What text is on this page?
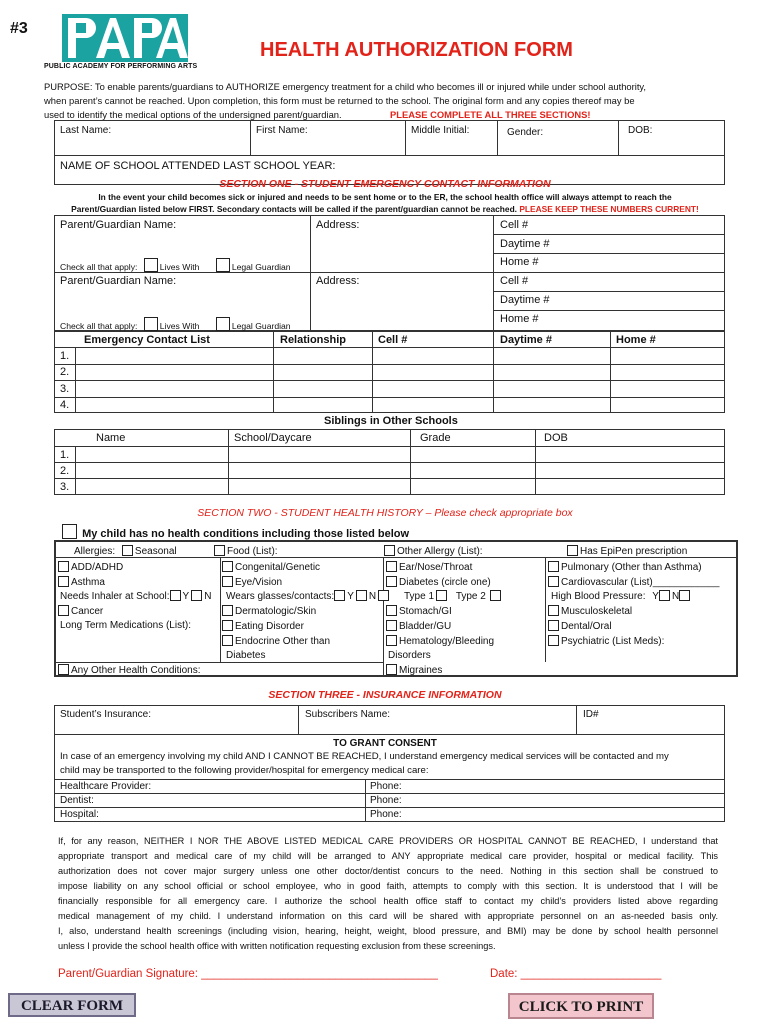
#3
PUBLIC ACADEMY FOR PERFORMING ARTS
HEALTH AUTHORIZATION FORM
PURPOSE: To enable parents/guardians to AUTHORIZE emergency treatment for a child who becomes ill or injured while under school authority,
when parent’s cannot be reached. Upon completion, this form must be returned to the school. The original form and any copies thereof may be
used to identify the medical options of the undersigned parent/guardian.	PLEASE COMPLETE ALL THREE SECTIONS!
Last Name:	First Name:	Middle Initial:	Gender:	DOB:
NAME OF SCHOOL ATTENDED LAST SCHOOL YEAR:
SECTION ONE - STUDENT EMERGENCY CONTACT INFORMATION
In the event your child becomes sick or injured and needs to be sent home or to the ER, the school health office will always attempt to reach the
Parent/Guardian listed below FIRST. Secondary contacts will be called if the parent/guardian cannot be reached. PLEASE KEEP THESE NUMBERS CURRENT!
Parent/Guardian Name:	Address:	Cell #
Daytime #
Home #
Check all that apply:	Lives With	Legal Guardian
Parent/Guardian Name:	Address:	Cell #
Daytime #
Home #
Check all that apply:	Lives With	Legal Guardian
Emergency Contact List	Relationship	Cell #	Daytime #	Home #
1.
2.
3.
4.
Siblings in Other Schools
Name	School/Daycare	Grade	DOB
1.
2.
3.
SECTION TWO - STUDENT HEALTH HISTORY – Please check appropriate box
My child has no health conditions including those listed below
Allergies: Seasonal	Food (List):	Other Allergy (List):	Has EpiPen prescription
ADD/ADHD
Asthma
Needs Inhaler at School: Y N
Cancer
Long Term Medications (List):
Congenital/Genetic
Eye/Vision
Wears glasses/contacts: Y N
Dermatologic/Skin
Eating Disorder
Endocrine Other than
Diabetes
Ear/Nose/Throat
Diabetes (circle one)
Type 1 Type 2
Stomach/GI
Bladder/GU
Hematology/Bleeding
Disorders
Migraines
Pulmonary (Other than Asthma)
Cardiovascular (List)____________
High Blood Pressure: Y N
Musculoskeletal
Dental/Oral
Psychiatric (List Meds):
Any Other Health Conditions:
SECTION THREE - INSURANCE INFORMATION
Student’s Insurance:	Subscribers Name:	ID#
TO GRANT CONSENT
In case of an emergency involving my child AND I CANNOT BE REACHED, I understand emergency medical services will be contacted and my
child may be transported to the following provider/hospital for emergency medical care:
Healthcare Provider:	Phone:
Dentist:	Phone:
Hospital:	Phone:
If, for any reason, NEITHER I NOR THE ABOVE LISTED MEDICAL CARE PROVIDERS OR HOSPITAL CANNOT BE REACHED, I understand that
appropriate transport and medical care of my child will be arranged to ANY appropriate medical care provider, hospital or medical facility. This
authorization does not cover major surgery unless one other doctor/dentist concurs to the need. Nothing in this section shall be construed to
impose liability on any school official or school employee, who in good faith, attempts to comply with this section. It is understood that I will be
financially responsible for all emergency care. I authorize the school health office staff to contact my child’s providers listed above regarding
medical management of my child. I understand information on this card will be shared with appropriate personnel on an as-needed basis only.
I, also, understand health screenings (including vision, hearing, height, weight, blood pressure, and BMI) may be done by school health personnel
unless I provide the school health office with written notification requesting exclusion from these screenings.
Parent/Guardian Signature: _____________________________________	Date: ______________________
CLEAR FORM	CLICK TO PRINT
